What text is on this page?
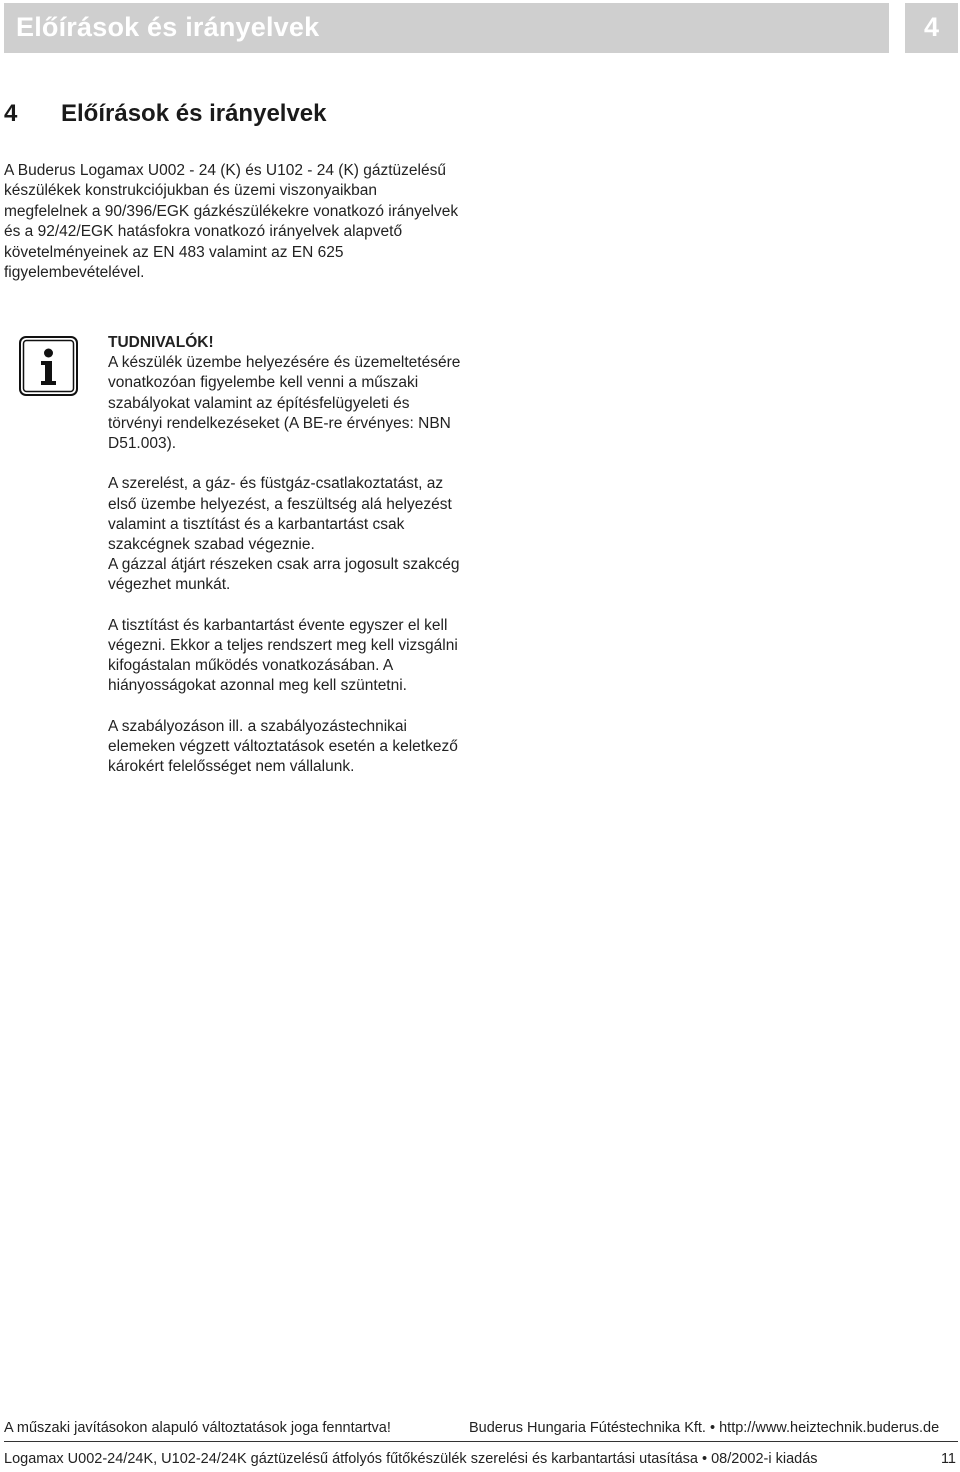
Előírások és irányelvek	4
4 Előírások és irányelvek

A Buderus Logamax U002 - 24 (K) és U102 - 24 (K) gáztüzelésű készülékek konstrukciójukban és üzemi viszonyaikban megfelelnek a 90/396/EGK gázkészülékekre vonatkozó irányelvek és a 92/42/EGK hatásfokra vonatkozó irányelvek alapvető követelményeinek az EN 483 valamint az EN 625 figyelembevételével.

TUDNIVALÓK!

A készülék üzembe helyezésére és üzemeltetésére vonatkozóan figyelembe kell venni a műszaki szabályokat valamint az építésfelügyeleti és törvényi rendelkezéseket (A BE-re érvényes: NBN D51.003).

A szerelést, a gáz- és füstgáz-csatlakoztatást, az első üzembe helyezést, a feszültség alá helyezést valamint a tisztítást és a karbantartást csak szakcégnek szabad végeznie.
A gázzal átjárt részeken csak arra jogosult szakcég végezhet munkát.

A tisztítást és karbantartást évente egyszer el kell végezni. Ekkor a teljes rendszert meg kell vizsgálni kifogástalan működés vonatkozásában. A hiányosságokat azonnal meg kell szüntetni.

A szabályozáson ill. a szabályozástechnikai elemeken végzett változtatások esetén a keletkező károkért felelősséget nem vállalunk.

A műszaki javításokon alapuló változtatások joga fenntartva!	Buderus Hungaria Fútéstechnika Kft. • http://www.heiztechnik.buderus.de
Logamax U002-24/24K, U102-24/24K gáztüzelésű átfolyós fűtőkészülék szerelési és karbantartási utasítása • 08/2002-i kiadás	11
